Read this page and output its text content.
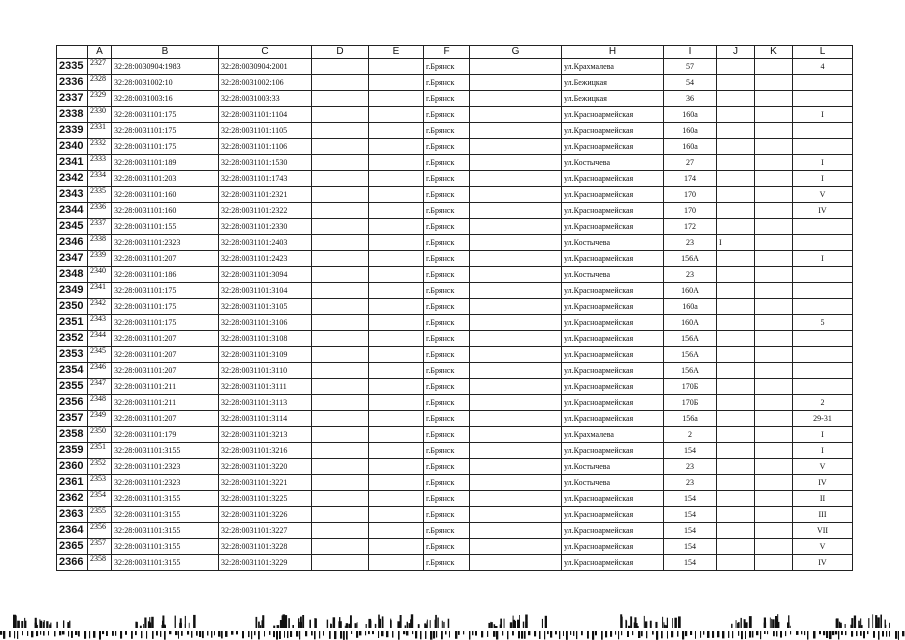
	A	B	C	D	E	F	G	H	I	J	K	L
2335	2327	32:28:0030904:1983	32:28:0030904:2001			г.Брянск		ул.Крахмалева	57			4
2336	2328	32:28:0031002:10	32:28:0031002:106			г.Брянск		ул.Бежицкая	54			
2337	2329	32:28:0031003:16	32:28:0031003:33			г.Брянск		ул.Бежицкая	36			
2338	2330	32:28:0031101:175	32:28:0031101:1104			г.Брянск		ул.Красноармейская	160а			I
2339	2331	32:28:0031101:175	32:28:0031101:1105			г.Брянск		ул.Красноармейская	160а			
2340	2332	32:28:0031101:175	32:28:0031101:1106			г.Брянск		ул.Красноармейская	160а			
2341	2333	32:28:0031101:189	32:28:0031101:1530			г.Брянск		ул.Костычева	27			I
2342	2334	32:28:0031101:203	32:28:0031101:1743			г.Брянск		ул.Красноармейская	174			I
2343	2335	32:28:0031101:160	32:28:0031101:2321			г.Брянск		ул.Красноармейская	170			V
2344	2336	32:28:0031101:160	32:28:0031101:2322			г.Брянск		ул.Красноармейская	170			IV
2345	2337	32:28:0031101:155	32:28:0031101:2330			г.Брянск		ул.Красноармейская	172			
2346	2338	32:28:0031101:2323	32:28:0031101:2403			г.Брянск		ул.Костычева	23	I		
2347	2339	32:28:0031101:207	32:28:0031101:2423			г.Брянск		ул.Красноармейская	156А			I
2348	2340	32:28:0031101:186	32:28:0031101:3094			г.Брянск		ул.Костычева	23			
2349	2341	32:28:0031101:175	32:28:0031101:3104			г.Брянск		ул.Красноармейская	160А			
2350	2342	32:28:0031101:175	32:28:0031101:3105			г.Брянск		ул.Красноармейская	160а			
2351	2343	32:28:0031101:175	32:28:0031101:3106			г.Брянск		ул.Красноармейская	160А			5
2352	2344	32:28:0031101:207	32:28:0031101:3108			г.Брянск		ул.Красноармейская	156А			
2353	2345	32:28:0031101:207	32:28:0031101:3109			г.Брянск		ул.Красноармейская	156А			
2354	2346	32:28:0031101:207	32:28:0031101:3110			г.Брянск		ул.Красноармейская	156А			
2355	2347	32:28:0031101:211	32:28:0031101:3111			г.Брянск		ул.Красноармейская	170Б			
2356	2348	32:28:0031101:211	32:28:0031101:3113			г.Брянск		ул.Красноармейская	170Б			2
2357	2349	32:28:0031101:207	32:28:0031101:3114			г.Брянск		ул.Красноармейская	156а			29-31
2358	2350	32:28:0031101:179	32:28:0031101:3213			г.Брянск		ул.Крахмалева	2			I
2359	2351	32:28:0031101:3155	32:28:0031101:3216			г.Брянск		ул.Красноармейская	154			I
2360	2352	32:28:0031101:2323	32:28:0031101:3220			г.Брянск		ул.Костычева	23			V
2361	2353	32:28:0031101:2323	32:28:0031101:3221			г.Брянск		ул.Костычева	23			IV
2362	2354	32:28:0031101:3155	32:28:0031101:3225			г.Брянск		ул.Красноармейская	154			II
2363	2355	32:28:0031101:3155	32:28:0031101:3226			г.Брянск		ул.Красноармейская	154			III
2364	2356	32:28:0031101:3155	32:28:0031101:3227			г.Брянск		ул.Красноармейская	154			VII
2365	2357	32:28:0031101:3155	32:28:0031101:3228			г.Брянск		ул.Красноармейская	154			V
2366	2358	32:28:0031101:3155	32:28:0031101:3229			г.Брянск		ул.Красноармейская	154			IV
